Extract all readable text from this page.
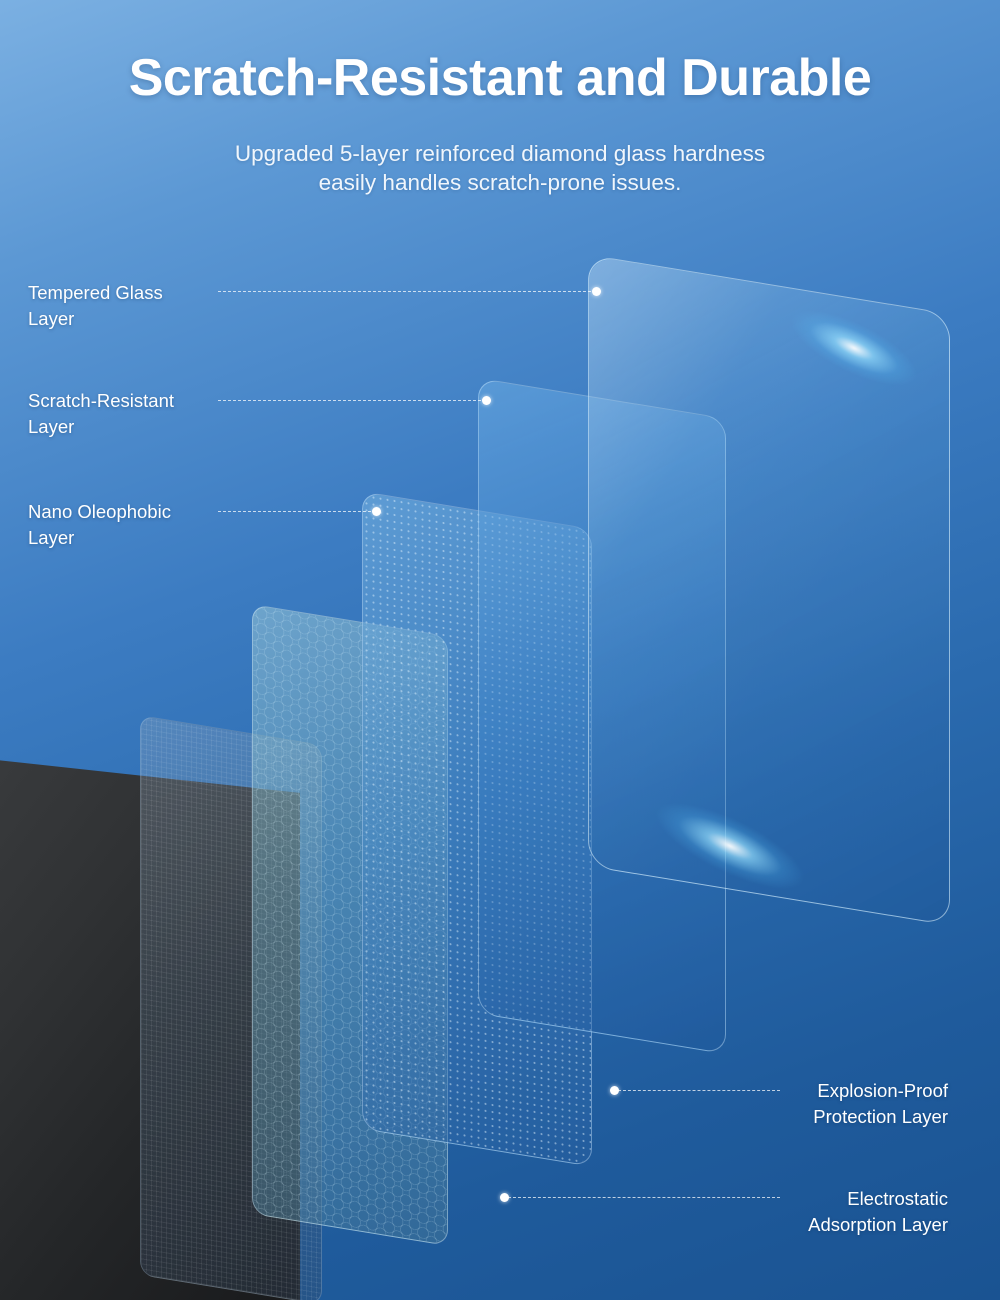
Scratch-Resistant and Durable
Upgraded 5-layer reinforced diamond glass hardness
easily handles scratch-prone issues.
Tempered Glass
Layer
Scratch-Resistant
Layer
Nano Oleophobic
Layer
Explosion-Proof
Protection Layer
Electrostatic
Adsorption Layer
